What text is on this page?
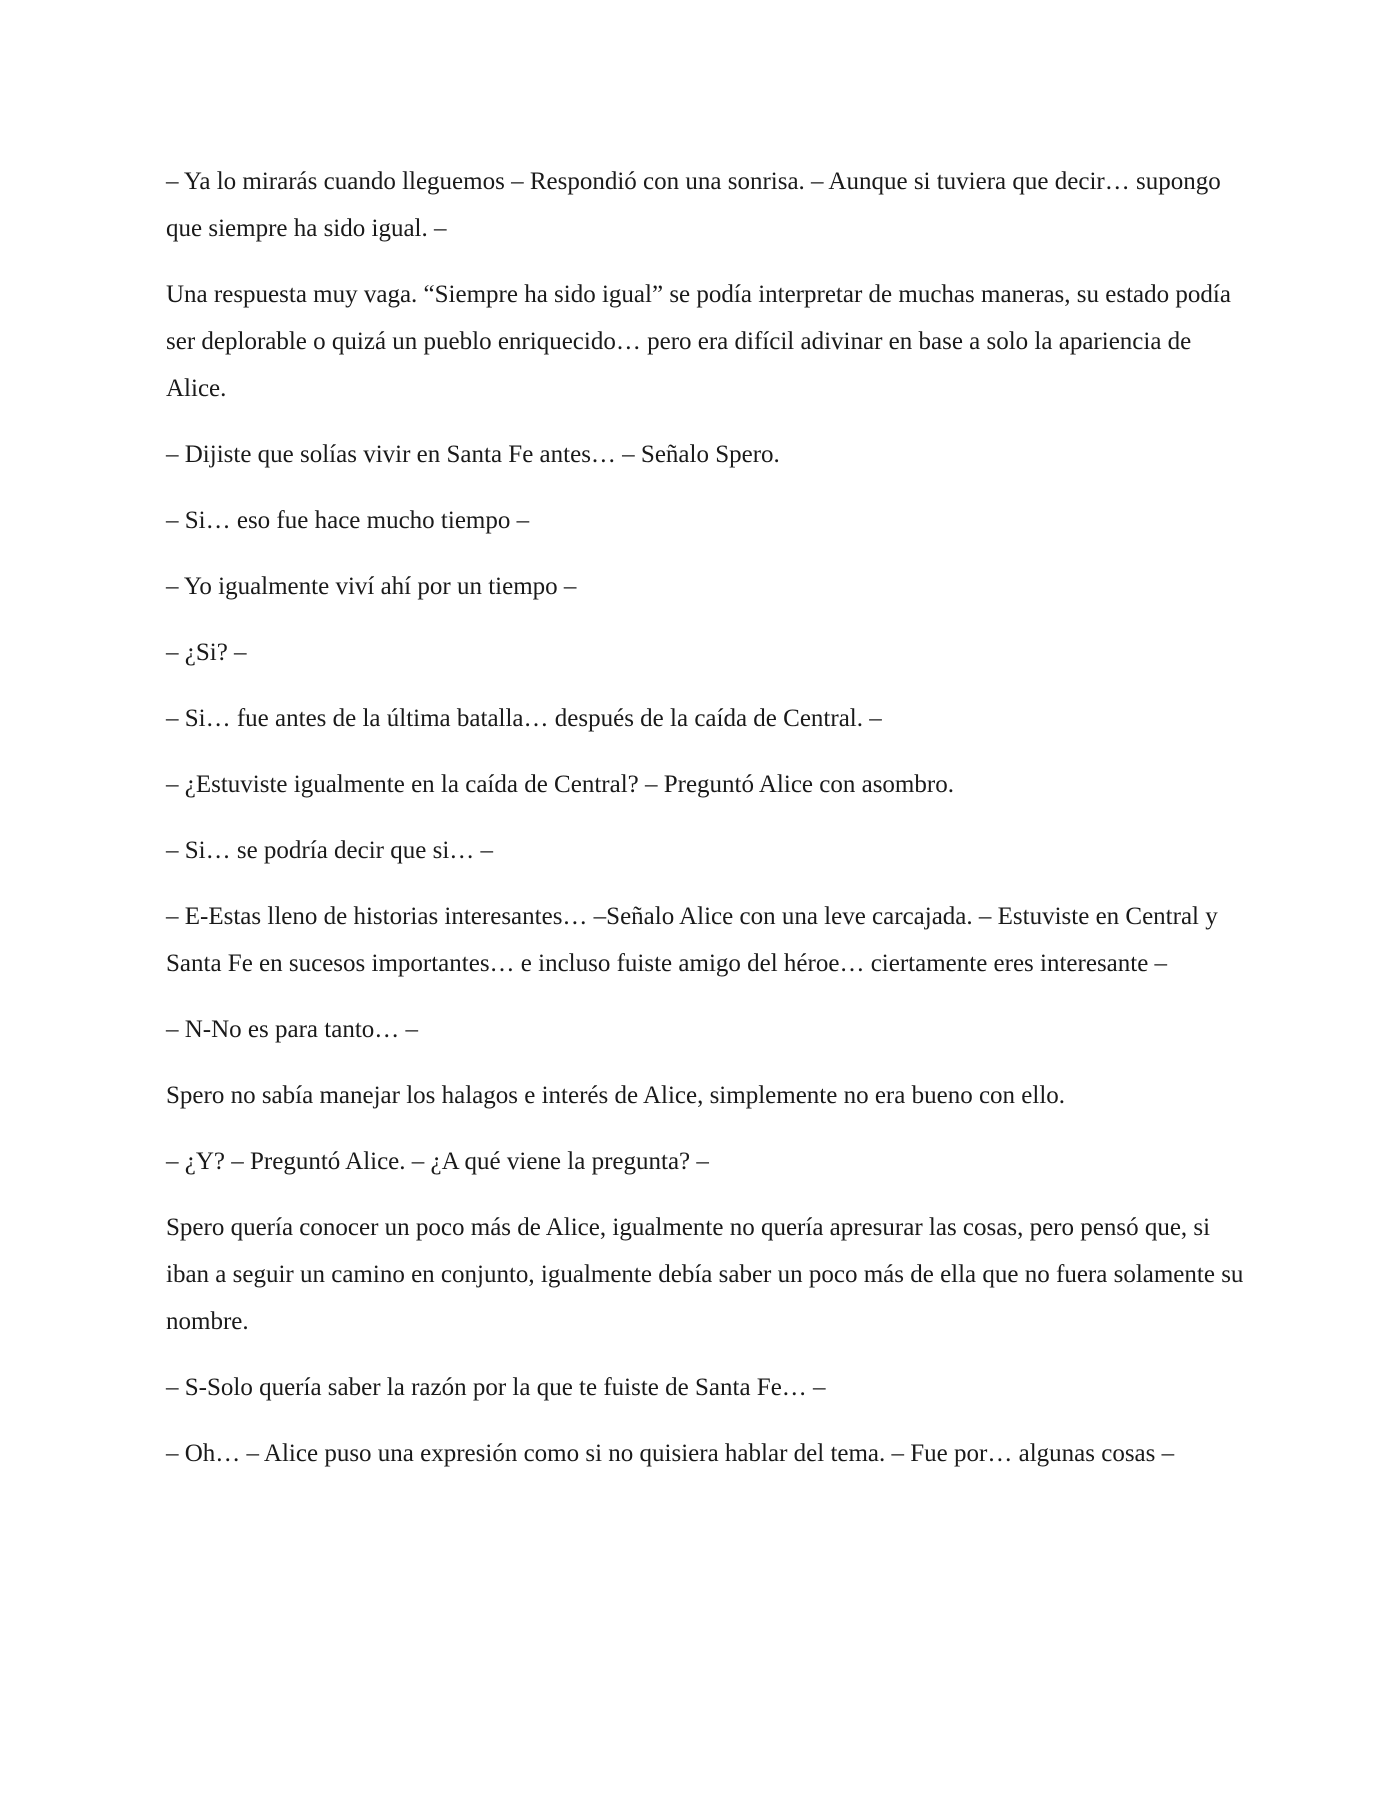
– Ya lo mirarás cuando lleguemos – Respondió con una sonrisa. – Aunque si tuviera que decir… supongo que siempre ha sido igual. –

Una respuesta muy vaga. “Siempre ha sido igual” se podía interpretar de muchas maneras, su estado podía ser deplorable o quizá un pueblo enriquecido… pero era difícil adivinar en base a solo la apariencia de Alice.

– Dijiste que solías vivir en Santa Fe antes… – Señalo Spero.

– Si… eso fue hace mucho tiempo –

– Yo igualmente viví ahí por un tiempo –

– ¿Si? –

– Si… fue antes de la última batalla… después de la caída de Central. –

– ¿Estuviste igualmente en la caída de Central? – Preguntó Alice con asombro.

– Si… se podría decir que si… –

– E-Estas lleno de historias interesantes… –Señalo Alice con una leve carcajada. – Estuviste en Central y Santa Fe en sucesos importantes… e incluso fuiste amigo del héroe… ciertamente eres interesante –

– N-No es para tanto… –

Spero no sabía manejar los halagos e interés de Alice, simplemente no era bueno con ello.

– ¿Y? – Preguntó Alice. – ¿A qué viene la pregunta? –

Spero quería conocer un poco más de Alice, igualmente no quería apresurar las cosas, pero pensó que, si iban a seguir un camino en conjunto, igualmente debía saber un poco más de ella que no fuera solamente su nombre.

– S-Solo quería saber la razón por la que te fuiste de Santa Fe… –

– Oh… – Alice puso una expresión como si no quisiera hablar del tema. – Fue por… algunas cosas –
